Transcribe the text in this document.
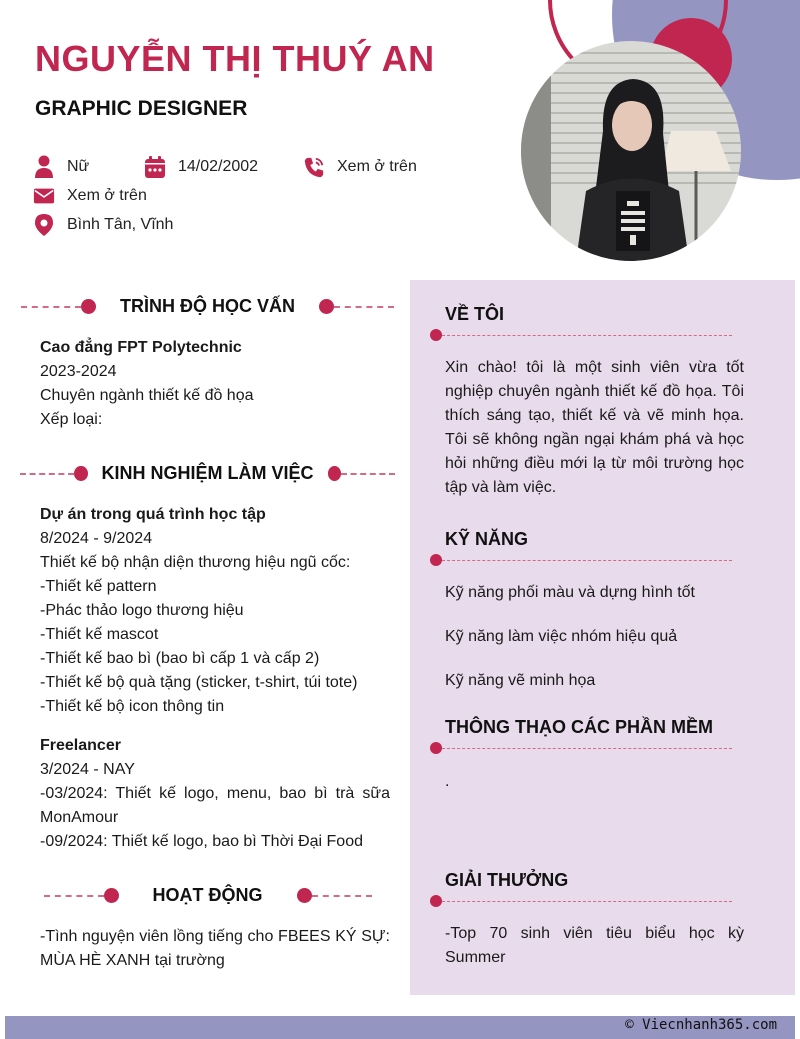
NGUYỄN THỊ THUÝ AN
GRAPHIC DESIGNER
Nữ	14/02/2002	Xem ở trên
Xem ở trên
Bình Tân, Vĩnh
TRÌNH ĐỘ HỌC VẤN
Cao đẳng FPT Polytechnic
2023-2024
Chuyên ngành thiết kế đồ họa
Xếp loại:
KINH NGHIỆM LÀM VIỆC
Dự án trong quá trình học tập
8/2024 - 9/2024
Thiết kế bộ nhận diện thương hiệu ngũ cốc:
-Thiết kế pattern
-Phác thảo logo thương hiệu
-Thiết kế mascot
-Thiết kế bao bì (bao bì cấp 1 và cấp 2)
-Thiết kế bộ quà tặng (sticker, t-shirt, túi tote)
-Thiết kế bộ icon thông tin
Freelancer
3/2024 - NAY
-03/2024: Thiết kế logo, menu, bao bì trà sữa MonAmour
-09/2024: Thiết kế logo, bao bì Thời Đại Food
HOẠT ĐỘNG
-Tình nguyện viên lồng tiếng cho FBEES KÝ SỰ: MÙA HÈ XANH tại trường
VỀ TÔI
Xin chào! tôi là một sinh viên vừa tốt nghiệp chuyên ngành thiết kế đồ họa. Tôi thích sáng tạo, thiết kế và vẽ minh họa. Tôi sẽ không ngần ngại khám phá và học hỏi những điều mới lạ từ môi trường học tập và làm việc.
KỸ NĂNG
Kỹ năng phối màu và dựng hình tốt
Kỹ năng làm việc nhóm hiệu quả
Kỹ năng vẽ minh họa
THÔNG THẠO CÁC PHẦN MỀM
.
GIẢI THƯỞNG
-Top 70 sinh viên tiêu biểu học kỳ Summer
© Viecnhanh365.com
